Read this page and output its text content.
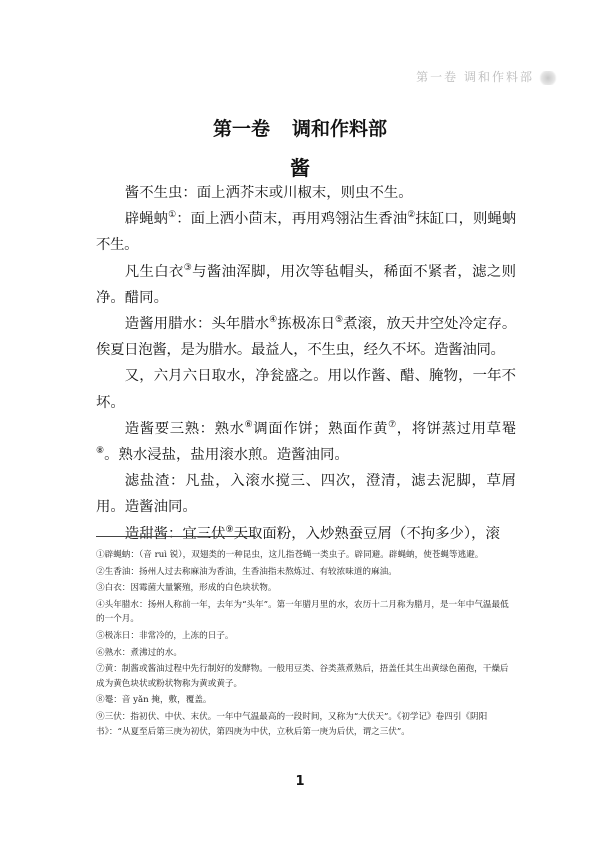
第一卷 调和作料部
第一卷 调和作料部
酱

酱不生虫：面上洒芥末或川椒末，则虫不生。

辟蝇蚋①：面上洒小茴末，再用鸡翎沾生香油②抹缸口，则蝇蚋不生。

凡生白衣③与酱油浑脚，用次等毡帽头，稀面不紧者，滤之则净。醋同。

造酱用腊水：头年腊水④拣极冻日⑤煮滚，放天井空处冷定存。俟夏日泡酱，是为腊水。最益人，不生虫，经久不坏。造酱油同。

又，六月六日取水，净瓮盛之。用以作酱、醋、腌物，一年不坏。

造酱要三熟：熟水⑥调面作饼；熟面作黄⑦，将饼蒸过用草罨⑧。熟水浸盐，盐用滚水煎。造酱油同。

滤盐渣：凡盐，入滚水搅三、四次，澄清，滤去泥脚，草屑用。造酱油同。

造甜酱：宜三伏⑨天取面粉，入炒熟蚕豆屑（不拘多少），滚

①辟蝇蚋：（音 ruì 锐），双翅类的一种昆虫，这儿指苍蝇一类虫子。辟同避。辟蝇蚋，使苍蝇等逃避。
②生香油：扬州人过去称麻油为香油，生香油指未熬炼过、有较浓味道的麻油。
③白衣：因霉菌大量繁殖，形成的白色块状物。
④头年腊水：扬州人称前一年，去年为“头年”。第一年腊月里的水，农历十二月称为腊月，是一年中气温最低的一个月。
⑤极冻日：非常冷的，上冻的日子。
⑥熟水：煮沸过的水。
⑦黄：制酱或酱油过程中先行制好的发酵物。一般用豆类、谷类蒸煮熟后，捂盖任其生出黄绿色菌孢，干燥后成为黄色块状或粉状物称为黄或黄子。
⑧罨：音 yǎn 掩，敷，覆盖。
⑨三伏：指初伏、中伏、末伏。一年中气温最高的一段时间，又称为“大伏天”。《初学记》卷四引《阴阳书》：“从夏至后第三庚为初伏，第四庚为中伏，立秋后第一庚为后伏，谓之三伏”。
1
